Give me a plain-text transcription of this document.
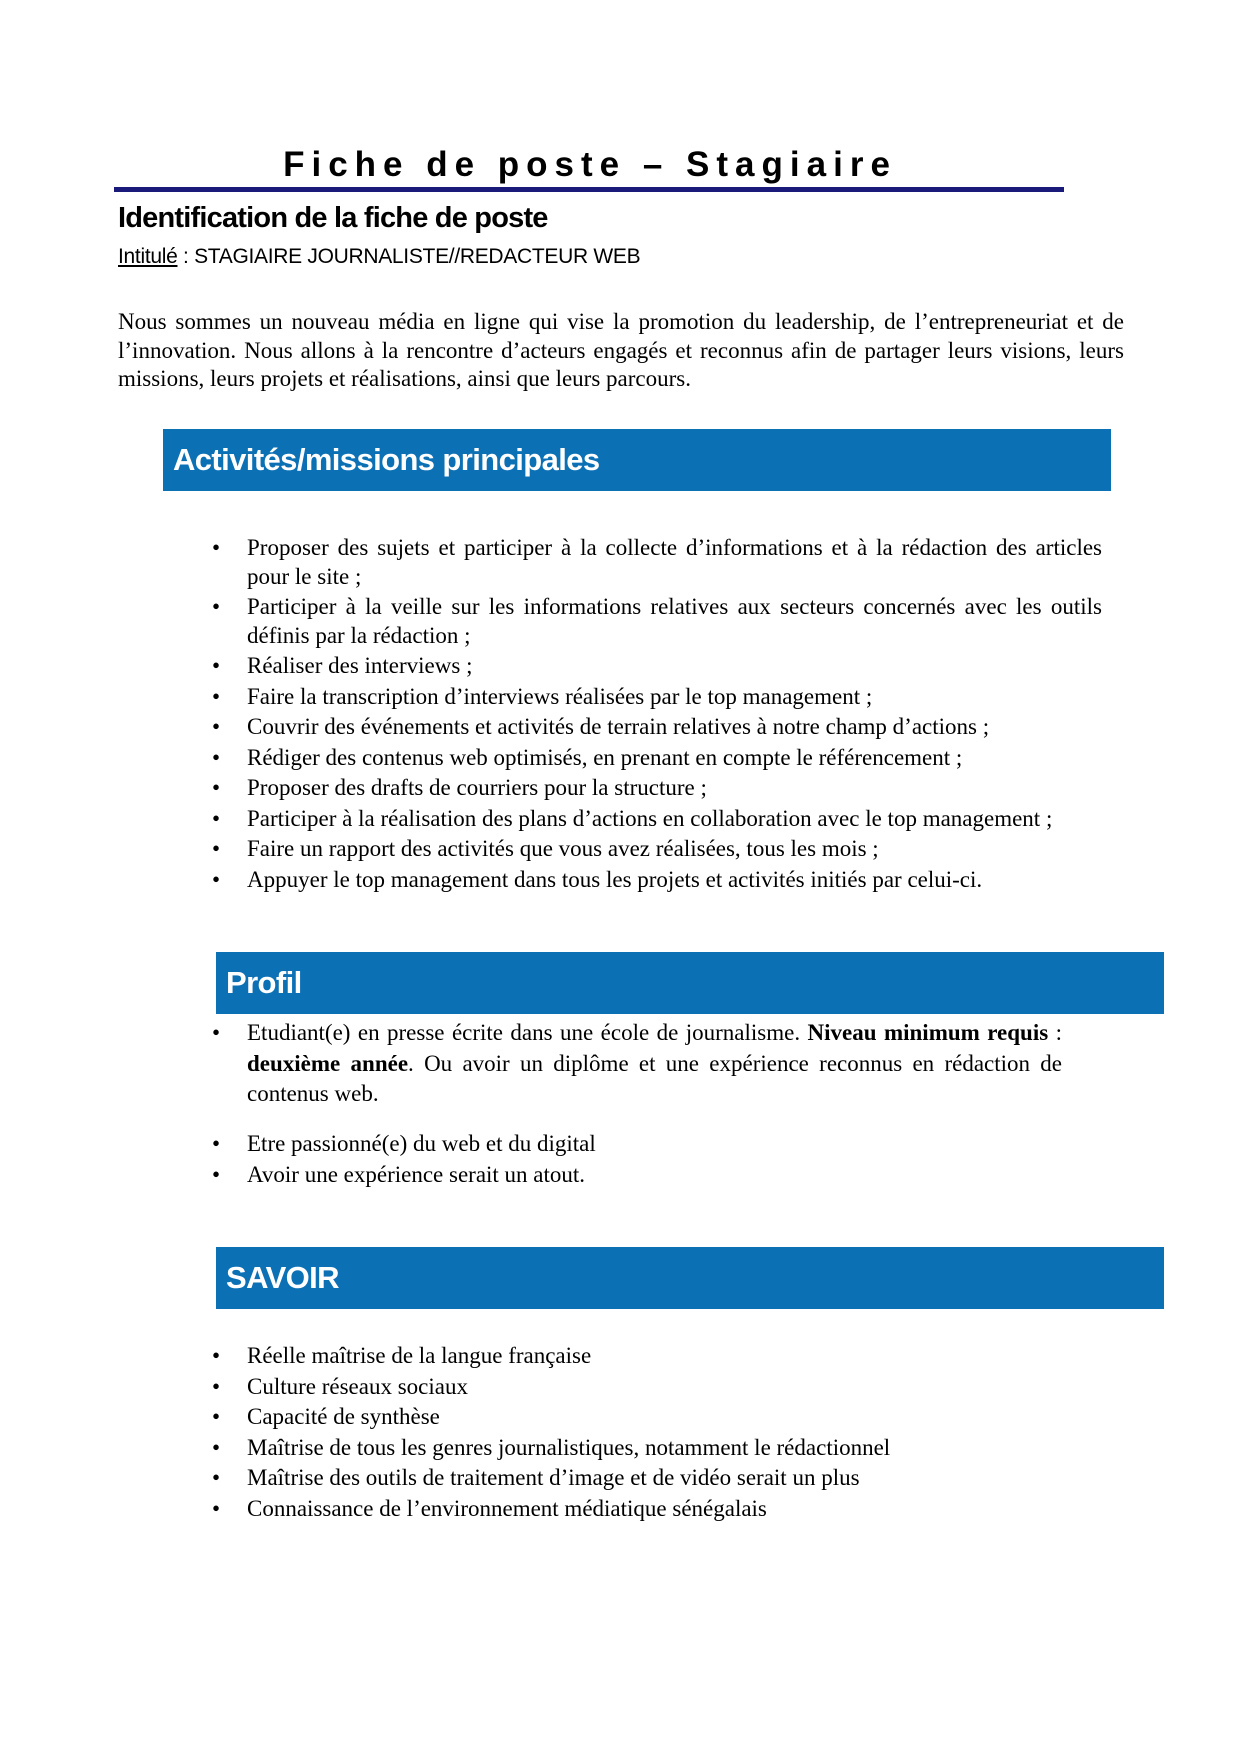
Fiche de poste – Stagiaire
Identification de la fiche de poste
Intitulé : STAGIAIRE JOURNALISTE//REDACTEUR WEB

Nous sommes un nouveau média en ligne qui vise la promotion du leadership, de l’entrepreneuriat et de l’innovation. Nous allons à la rencontre d’acteurs engagés et reconnus afin de partager leurs visions, leurs missions, leurs projets et réalisations, ainsi que leurs parcours.

Activités/missions principales
• Proposer des sujets et participer à la collecte d’informations et à la rédaction des articles pour le site ;
• Participer à la veille sur les informations relatives aux secteurs concernés avec les outils définis par la rédaction ;
• Réaliser des interviews ;
• Faire la transcription d’interviews réalisées par le top management ;
• Couvrir des événements et activités de terrain relatives à notre champ d’actions ;
• Rédiger des contenus web optimisés, en prenant en compte le référencement ;
• Proposer des drafts de courriers pour la structure ;
• Participer à la réalisation des plans d’actions en collaboration avec le top management ;
• Faire un rapport des activités que vous avez réalisées, tous les mois ;
• Appuyer le top management dans tous les projets et activités initiés par celui-ci.
Profil
• Etudiant(e) en presse écrite dans une école de journalisme. Niveau minimum requis : deuxième année. Ou avoir un diplôme et une expérience reconnus en rédaction de contenus web.
• Etre passionné(e) du web et du digital
• Avoir une expérience serait un atout.
SAVOIR
• Réelle maîtrise de la langue française
• Culture réseaux sociaux
• Capacité de synthèse
• Maîtrise de tous les genres journalistiques, notamment le rédactionnel
• Maîtrise des outils de traitement d’image et de vidéo serait un plus
• Connaissance de l’environnement médiatique sénégalais
